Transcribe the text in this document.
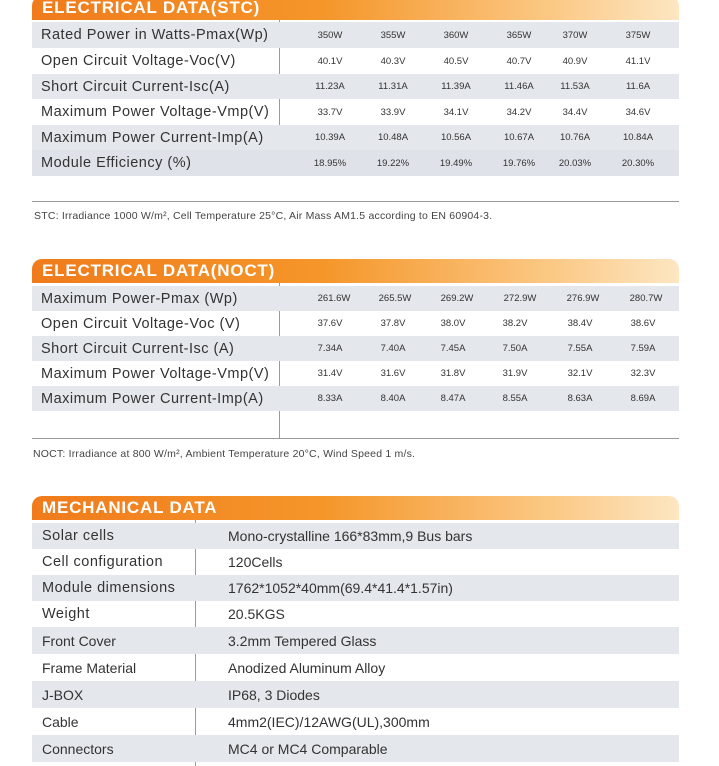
ELECTRICAL DATA(STC)
Rated Power in Watts-Pmax(Wp)	350W	355W	360W	365W	370W	375W
Open Circuit Voltage-Voc(V)	40.1V	40.3V	40.5V	40.7V	40.9V	41.1V
Short Circuit Current-Isc(A)	11.23A	11.31A	11.39A	11.46A	11.53A	11.6A
Maximum Power Voltage-Vmp(V)	33.7V	33.9V	34.1V	34.2V	34.4V	34.6V
Maximum Power Current-Imp(A)	10.39A	10.48A	10.56A	10.67A	10.76A	10.84A
Module Efficiency (%)	18.95%	19.22%	19.49%	19.76%	20.03%	20.30%
STC: Irradiance 1000 W/m², Cell Temperature 25°C, Air Mass AM1.5 according to EN 60904-3.
ELECTRICAL DATA(NOCT)
Maximum Power-Pmax (Wp)	261.6W	265.5W	269.2W	272.9W	276.9W	280.7W
Open Circuit Voltage-Voc (V)	37.6V	37.8V	38.0V	38.2V	38.4V	38.6V
Short Circuit Current-Isc (A)	7.34A	7.40A	7.45A	7.50A	7.55A	7.59A
Maximum Power Voltage-Vmp(V)	31.4V	31.6V	31.8V	31.9V	32.1V	32.3V
Maximum Power Current-Imp(A)	8.33A	8.40A	8.47A	8.55A	8.63A	8.69A
NOCT: Irradiance at 800 W/m², Ambient Temperature 20°C, Wind Speed 1 m/s.
MECHANICAL DATA
Solar cells	Mono-crystalline 166*83mm,9 Bus bars
Cell configuration	120Cells
Module dimensions	1762*1052*40mm(69.4*41.4*1.57in)
Weight	20.5KGS
Front Cover	3.2mm Tempered Glass
Frame Material	Anodized Aluminum Alloy
J-BOX	IP68, 3 Diodes
Cable	4mm2(IEC)/12AWG(UL),300mm
Connectors	MC4 or MC4 Comparable
